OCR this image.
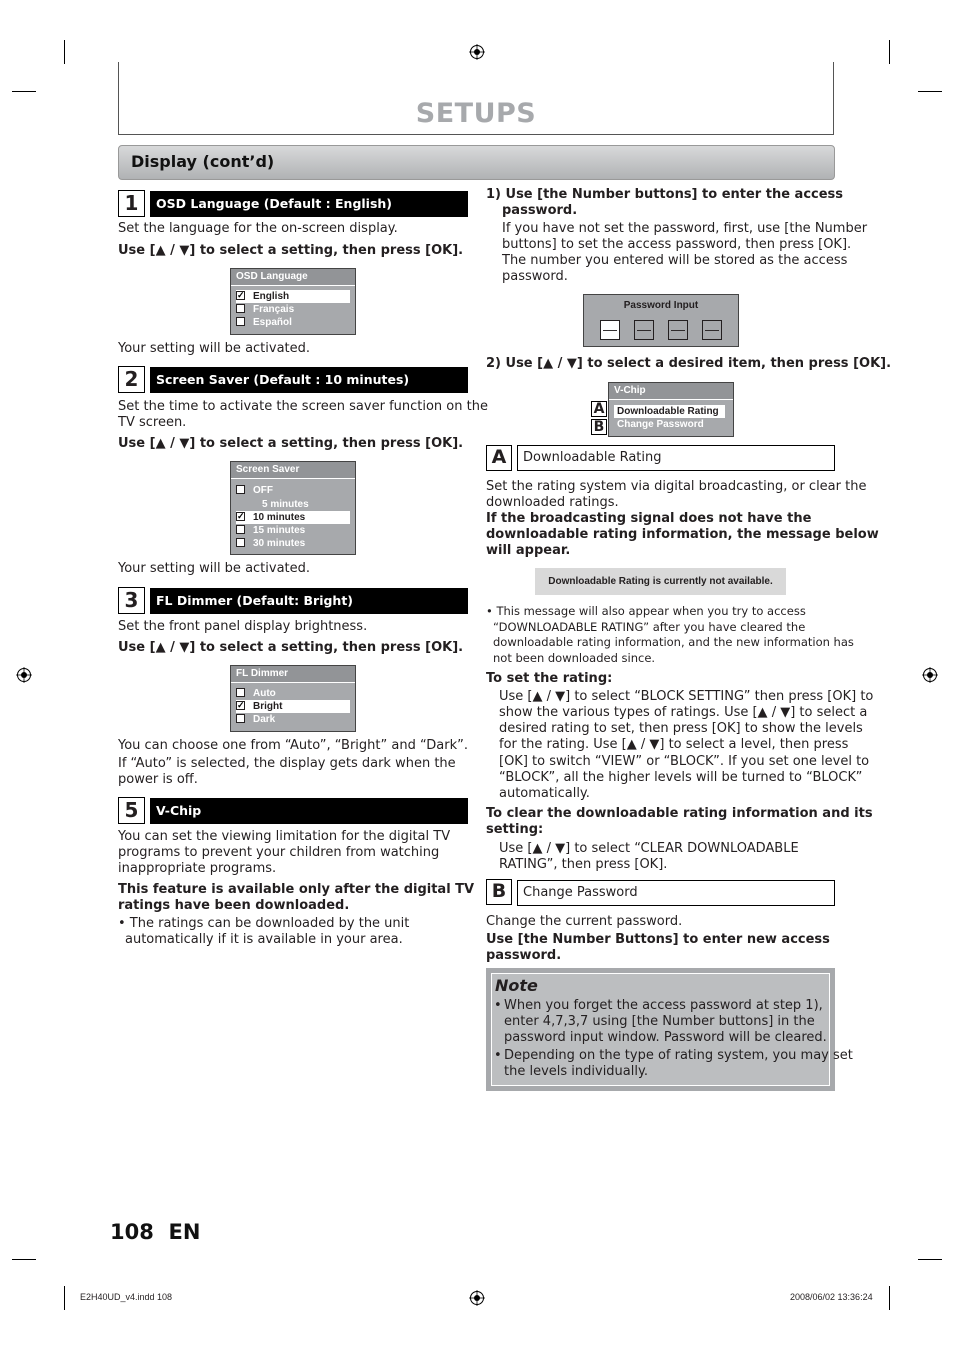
SETUPS
Display (cont’d)
1	OSD Language (Default : English)
Set the language for the on-screen display.
Use [▲ / ▼] to select a setting, then press [OK].
OSD Language
✓ English
Français
Español
Your setting will be activated.
2	Screen Saver (Default : 10 minutes)
Set the time to activate the screen saver function on the
TV screen.
Use [▲ / ▼] to select a setting, then press [OK].
Screen Saver
OFF
5 minutes
✓ 10 minutes
15 minutes
30 minutes
Your setting will be activated.
3	FL Dimmer (Default: Bright)
Set the front panel display brightness.
Use [▲ / ▼] to select a setting, then press [OK].
FL Dimmer
Auto
✓ Bright
Dark
You can choose one from “Auto”, “Bright” and “Dark”.
If “Auto” is selected, the display gets dark when the
power is off.
5	V-Chip
You can set the viewing limitation for the digital TV
programs to prevent your children from watching
inappropriate programs.
This feature is available only after the digital TV
ratings have been downloaded.
• The ratings can be downloaded by the unit
automatically if it is available in your area.
1) Use [the Number buttons] to enter the access
password.
If you have not set the password, first, use [the Number
buttons] to set the access password, then press [OK].
The number you entered will be stored as the access
password.
Password Input
— — — —
2) Use [▲ / ▼] to select a desired item, then press [OK].
A
B
V-Chip
Downloadable Rating
Change Password
A	Downloadable Rating
Set the rating system via digital broadcasting, or clear the
downloaded ratings.
If the broadcasting signal does not have the
downloadable rating information, the message below
will appear.
Downloadable Rating is currently not available.
• This message will also appear when you try to access
“DOWNLOADABLE RATING” after you have cleared the
downloadable rating information, and the new information has
not been downloaded since.
To set the rating:
Use [▲ / ▼] to select “BLOCK SETTING” then press [OK] to
show the various types of ratings. Use [▲ / ▼] to select a
desired rating to set, then press [OK] to show the levels
for the rating. Use [▲ / ▼] to select a level, then press
[OK] to switch “VIEW” or “BLOCK”. If you set one level to
“BLOCK”, all the higher levels will be turned to “BLOCK”
automatically.
To clear the downloadable rating information and its
setting:
Use [▲ / ▼] to select “CLEAR DOWNLOADABLE
RATING”, then press [OK].
B	Change Password
Change the current password.
Use [the Number Buttons] to enter new access
password.
Note
• When you forget the access password at step 1),
enter 4,7,3,7 using [the Number buttons] in the
password input window. Password will be cleared.
• Depending on the type of rating system, you may set
the levels individually.
108 EN
E2H40UD_v4.indd 108	2008/06/02 13:36:24
